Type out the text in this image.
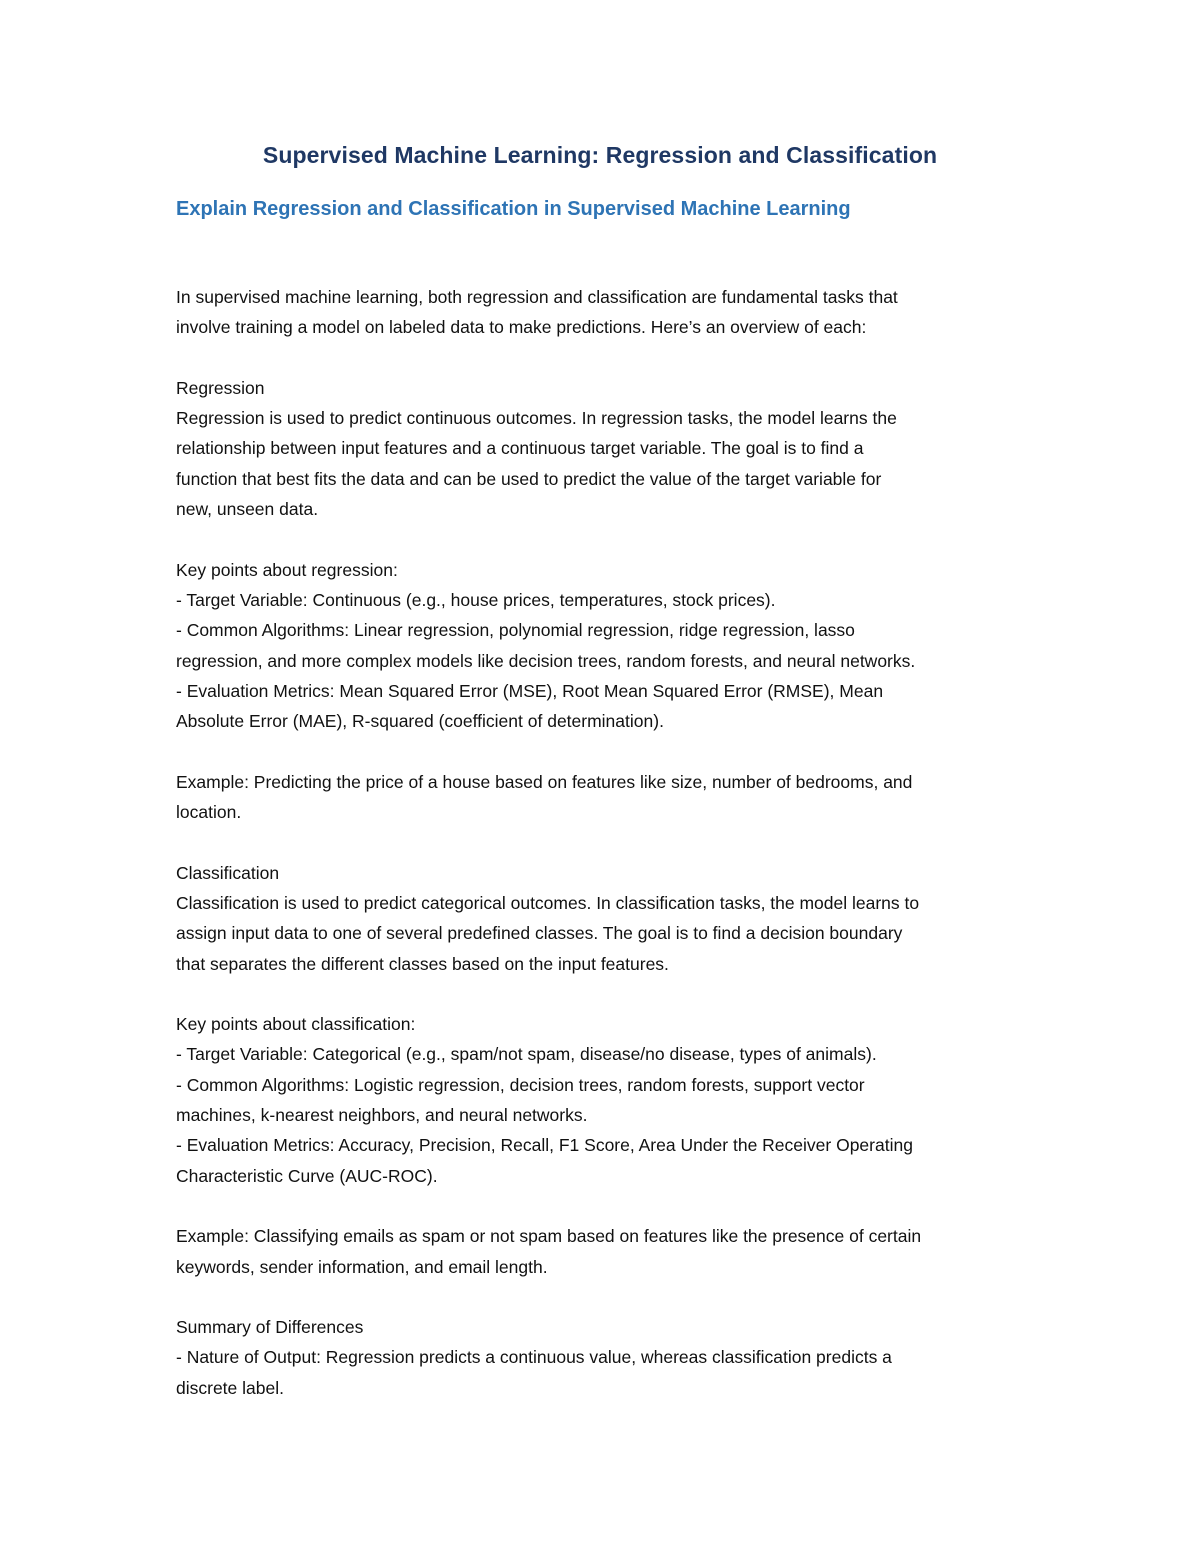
Supervised Machine Learning: Regression and Classification
Explain Regression and Classification in Supervised Machine Learning

In supervised machine learning, both regression and classification are fundamental tasks that

involve training a model on labeled data to make predictions. Here’s an overview of each:

Regression

Regression is used to predict continuous outcomes. In regression tasks, the model learns the

relationship between input features and a continuous target variable. The goal is to find a

function that best fits the data and can be used to predict the value of the target variable for

new, unseen data.

Key points about regression:

- Target Variable: Continuous (e.g., house prices, temperatures, stock prices).

- Common Algorithms: Linear regression, polynomial regression, ridge regression, lasso

regression, and more complex models like decision trees, random forests, and neural networks.

- Evaluation Metrics: Mean Squared Error (MSE), Root Mean Squared Error (RMSE), Mean

Absolute Error (MAE), R-squared (coefficient of determination).

Example: Predicting the price of a house based on features like size, number of bedrooms, and

location.

Classification

Classification is used to predict categorical outcomes. In classification tasks, the model learns to

assign input data to one of several predefined classes. The goal is to find a decision boundary

that separates the different classes based on the input features.

Key points about classification:

- Target Variable: Categorical (e.g., spam/not spam, disease/no disease, types of animals).

- Common Algorithms: Logistic regression, decision trees, random forests, support vector

machines, k-nearest neighbors, and neural networks.

- Evaluation Metrics: Accuracy, Precision, Recall, F1 Score, Area Under the Receiver Operating

Characteristic Curve (AUC-ROC).

Example: Classifying emails as spam or not spam based on features like the presence of certain

keywords, sender information, and email length.

Summary of Differences

- Nature of Output: Regression predicts a continuous value, whereas classification predicts a

discrete label.
